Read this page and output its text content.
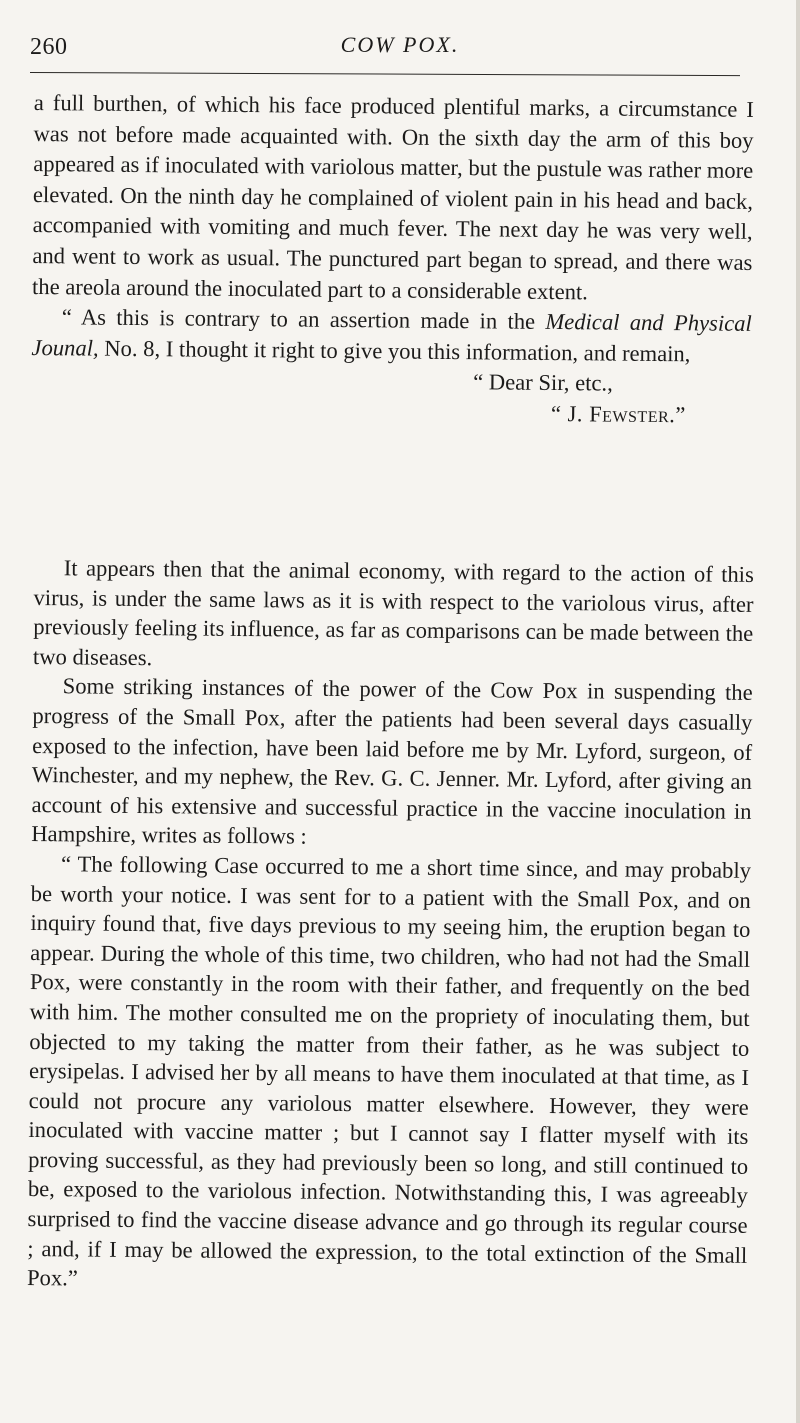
260	COW POX.

a full burthen, of which his face produced plentiful marks, a circumstance I was not before made acquainted with. On the sixth day the arm of this boy appeared as if inoculated with variolous matter, but the pustule was rather more elevated. On the ninth day he complained of violent pain in his head and back, accompanied with vomiting and much fever. The next day he was very well, and went to work as usual. The punctured part began to spread, and there was the areola around the inoculated part to a considerable extent.

“ As this is contrary to an assertion made in the Medical and Physical Jounal, No. 8, I thought it right to give you this information, and remain,

“ Dear Sir, etc.,
“ J. Fewster.”

It appears then that the animal economy, with regard to the action of this virus, is under the same laws as it is with respect to the variolous virus, after previously feeling its influence, as far as comparisons can be made between the two diseases.

Some striking instances of the power of the Cow Pox in suspending the progress of the Small Pox, after the patients had been several days casually exposed to the infection, have been laid before me by Mr. Lyford, surgeon, of Winchester, and my nephew, the Rev. G. C. Jenner. Mr. Lyford, after giving an account of his extensive and successful practice in the vaccine inoculation in Hampshire, writes as follows :

“ The following Case occurred to me a short time since, and may probably be worth your notice. I was sent for to a patient with the Small Pox, and on inquiry found that, five days previous to my seeing him, the eruption began to appear. During the whole of this time, two children, who had not had the Small Pox, were constantly in the room with their father, and frequently on the bed with him. The mother consulted me on the propriety of inoculating them, but objected to my taking the matter from their father, as he was subject to erysipelas. I advised her by all means to have them inoculated at that time, as I could not procure any variolous matter elsewhere. However, they were inoculated with vaccine matter ; but I cannot say I flatter myself with its proving successful, as they had previously been so long, and still continued to be, exposed to the variolous infection. Notwithstanding this, I was agreeably surprised to find the vaccine disease advance and go through its regular course ; and, if I may be allowed the expression, to the total extinction of the Small Pox.”
